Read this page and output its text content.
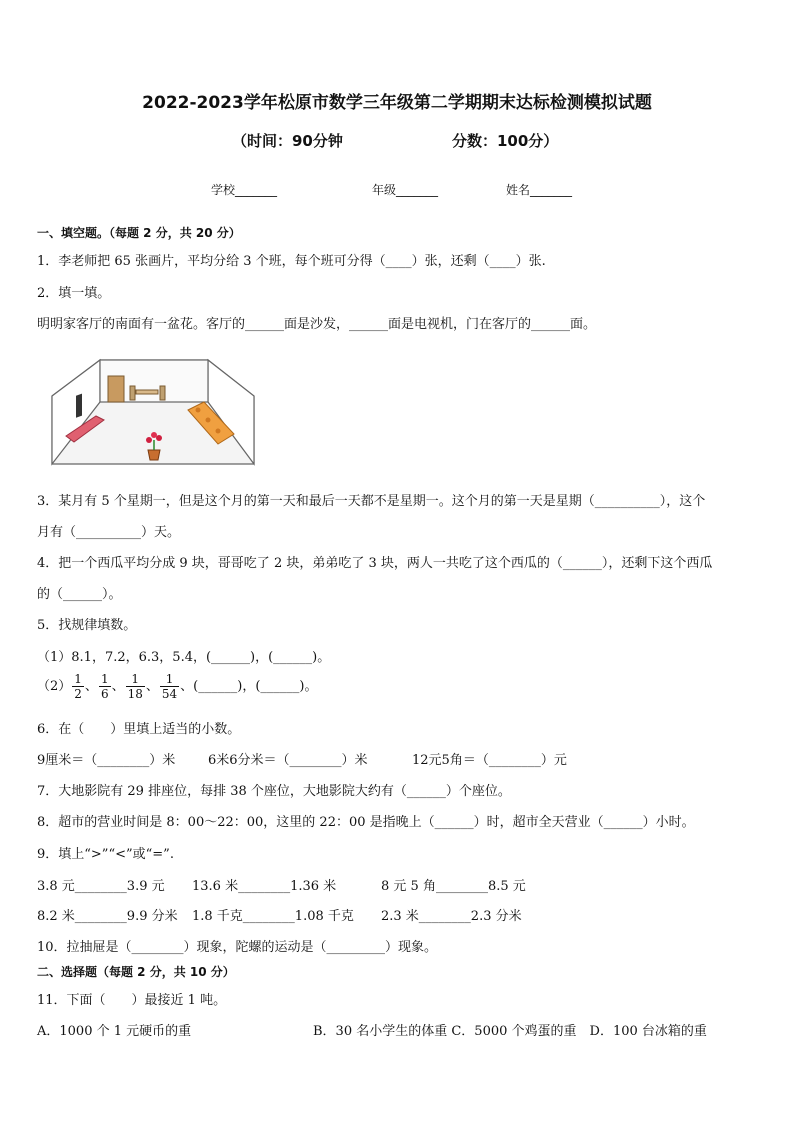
2022-2023学年松原市数学三年级第二学期期末达标检测模拟试题
（时间：90分钟	分数：100分）
学校_______	年级_______	姓名_______
一、填空题。（每题 2 分，共 20 分）
1．李老师把 65 张画片，平均分给 3 个班，每个班可分得（____）张，还剩（____）张.
2．填一填。
明明家客厅的南面有一盆花。客厅的______面是沙发，______面是电视机，门在客厅的______面。
3．某月有 5 个星期一，但是这个月的第一天和最后一天都不是星期一。这个月的第一天是星期（__________），这个
月有（__________）天。
4．把一个西瓜平均分成 9 块，哥哥吃了 2 块，弟弟吃了 3 块，两人一共吃了这个西瓜的（______），还剩下这个西瓜
的（______）。
5．找规律填数。
（1）8.1，7.2，6.3，5.4，(______)，(______)。
$(2) \frac{1}{2}$ 、 $\frac{1}{6}$ 、 $\frac{1}{18}$ 、 $\frac{1}{54}$ 、(______)，(______)。
6．在（　　）里填上适当的小数。
9厘米＝（________）米	6米6分米＝（________）米	12元5角＝（________）元
7．大地影院有 29 排座位，每排 38 个座位，大地影院大约有（______）个座位。
8．超市的营业时间是 8：00～22：00，这里的 22：00 是指晚上（______）时，超市全天营业（______）小时。
9．填上“>”“<”或“=”.
3.8 元________3.9 元 13.6 米________1.36 米	8 元 5 角________8.5 元
8.2 米________9.9 分米 1.8 千克________1.08 千克 2.3 米________2.3 分米
10．拉抽屉是（________）现象，陀螺的运动是（_________）现象。
二、选择题（每题 2 分，共 10 分）
11．下面（　　）最接近 1 吨。
A．1000 个 1 元硬币的重	B．30 名小学生的体重 C．5000 个鸡蛋的重　D．100 台冰箱的重
